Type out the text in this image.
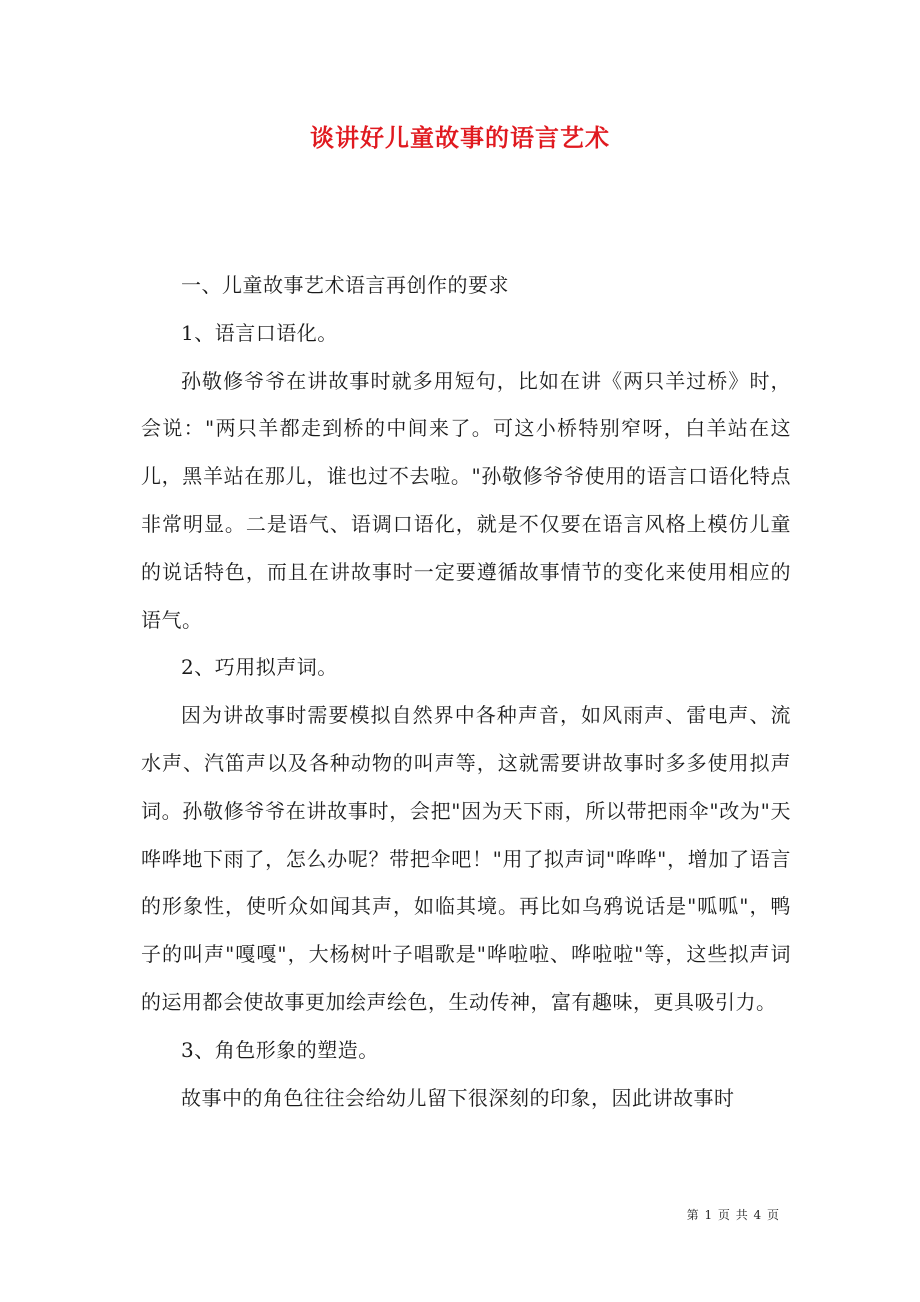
谈讲好儿童故事的语言艺术

一、儿童故事艺术语言再创作的要求

1、语言口语化。

孙敬修爷爷在讲故事时就多用短句，比如在讲《两只羊过桥》时，会说："两只羊都走到桥的中间来了。可这小桥特别窄呀，白羊站在这儿，黑羊站在那儿，谁也过不去啦。"孙敬修爷爷使用的语言口语化特点非常明显。二是语气、语调口语化，就是不仅要在语言风格上模仿儿童的说话特色，而且在讲故事时一定要遵循故事情节的变化来使用相应的语气。

2、巧用拟声词。

因为讲故事时需要模拟自然界中各种声音，如风雨声、雷电声、流水声、汽笛声以及各种动物的叫声等，这就需要讲故事时多多使用拟声词。孙敬修爷爷在讲故事时，会把"因为天下雨，所以带把雨伞"改为"天哗哗地下雨了，怎么办呢？带把伞吧！"用了拟声词"哗哗"，增加了语言的形象性，使听众如闻其声，如临其境。再比如乌鸦说话是"呱呱"，鸭子的叫声"嘎嘎"，大杨树叶子唱歌是"哗啦啦、哗啦啦"等，这些拟声词的运用都会使故事更加绘声绘色，生动传神，富有趣味，更具吸引力。

3、角色形象的塑造。

故事中的角色往往会给幼儿留下很深刻的印象，因此讲故事时

第 1 页 共 4 页
